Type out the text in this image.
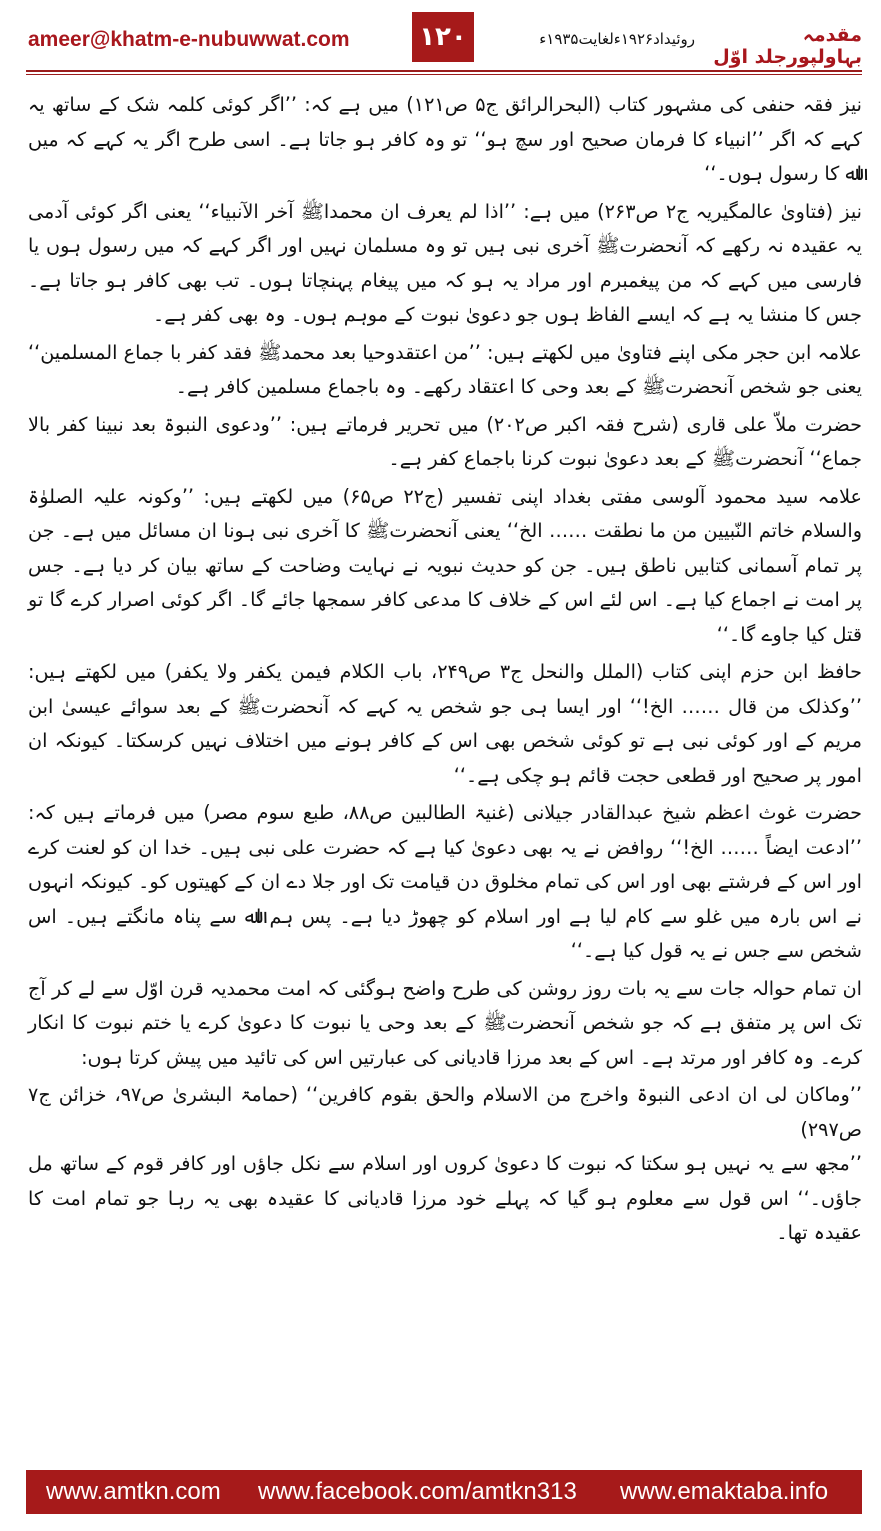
ameer@khatm-e-nubuwwat.com	۱۲۰	روئیداد۱۹۲۶ءلغایت۱۹۳۵ء	مقدمہ بہاولپورجلد اوّل

نیز فقہ حنفی کی مشہور کتاب (البحرالرائق ج۵ ص۱۲۱) میں ہے کہ: ’’اگر کوئی کلمہ شک کے ساتھ یہ کہے کہ اگر ’’انبیاء کا فرمان صحیح اور سچ ہو‘‘ تو وہ کافر ہو جاتا ہے۔ اسی طرح اگر یہ کہے کہ میں اﷲ کا رسول ہوں۔‘‘

نیز (فتاویٰ عالمگیریہ ج۲ ص۲۶۳) میں ہے: ’’اذا لم یعرف ان محمداﷺ آخر الآنبیاء‘‘ یعنی اگر کوئی آدمی یہ عقیدہ نہ رکھے کہ آنحضرتﷺ آخری نبی ہیں تو وہ مسلمان نہیں اور اگر کہے کہ میں رسول ہوں یا فارسی میں کہے کہ من پیغمبرم اور مراد یہ ہو کہ میں پیغام پہنچاتا ہوں۔ تب بھی کافر ہو جاتا ہے۔ جس کا منشا یہ ہے کہ ایسے الفاظ ہوں جو دعویٰ نبوت کے موہم ہوں۔ وہ بھی کفر ہے۔

علامہ ابن حجر مکی اپنے فتاویٰ میں لکھتے ہیں: ’’من اعتقدوحیا بعد محمدﷺ فقد کفر با جماع المسلمین‘‘ یعنی جو شخص آنحضرتﷺ کے بعد وحی کا اعتقاد رکھے۔ وہ باجماع مسلمین کافر ہے۔

حضرت ملاّ علی قاری (شرح فقہ اکبر ص۲۰۲) میں تحریر فرماتے ہیں: ’’ودعوی النبوۃ بعد نبینا کفر بالا جماع‘‘ آنحضرتﷺ کے بعد دعویٰ نبوت کرنا باجماع کفر ہے۔

علامہ سید محمود آلوسی مفتی بغداد اپنی تفسیر (ج۲۲ ص۶۵) میں لکھتے ہیں: ’’وکونہ علیہ الصلوٰۃ والسلام خاتم النّبیین من ما نطقت …… الخ‘‘ یعنی آنحضرتﷺ کا آخری نبی ہونا ان مسائل میں ہے۔ جن پر تمام آسمانی کتابیں ناطق ہیں۔ جن کو حدیث نبویہ نے نہایت وضاحت کے ساتھ بیان کر دیا ہے۔ جس پر امت نے اجماع کیا ہے۔ اس لئے اس کے خلاف کا مدعی کافر سمجھا جائے گا۔ اگر کوئی اصرار کرے گا تو قتل کیا جاوے گا۔‘‘

حافظ ابن حزم اپنی کتاب (الملل والنحل ج۳ ص۲۴۹، باب الکلام فیمن یکفر ولا یکفر) میں لکھتے ہیں: ’’وکذلک من قال …… الخ!‘‘ اور ایسا ہی جو شخص یہ کہے کہ آنحضرتﷺ کے بعد سوائے عیسیٰ ابن مریم کے اور کوئی نبی ہے تو کوئی شخص بھی اس کے کافر ہونے میں اختلاف نہیں کرسکتا۔ کیونکہ ان امور پر صحیح اور قطعی حجت قائم ہو چکی ہے۔‘‘

حضرت غوث اعظم شیخ عبدالقادر جیلانی (غنیۃ الطالبین ص۸۸، طبع سوم مصر) میں فرماتے ہیں کہ: ’’ادعت ایضاً …… الخ!‘‘ روافض نے یہ بھی دعویٰ کیا ہے کہ حضرت علی نبی ہیں۔ خدا ان کو لعنت کرے اور اس کے فرشتے بھی اور اس کی تمام مخلوق دن قیامت تک اور جلا دے ان کے کھیتوں کو۔ کیونکہ انہوں نے اس بارہ میں غلو سے کام لیا ہے اور اسلام کو چھوڑ دیا ہے۔ پس ہم اﷲ سے پناہ مانگتے ہیں۔ اس شخص سے جس نے یہ قول کیا ہے۔‘‘

ان تمام حوالہ جات سے یہ بات روز روشن کی طرح واضح ہوگئی کہ امت محمدیہ قرن اوّل سے لے کر آج تک اس پر متفق ہے کہ جو شخص آنحضرتﷺ کے بعد وحی یا نبوت کا دعویٰ کرے یا ختم نبوت کا انکار کرے۔ وہ کافر اور مرتد ہے۔ اس کے بعد مرزا قادیانی کی عبارتیں اس کی تائید میں پیش کرتا ہوں:

’’وماکان لی ان ادعی النبوۃ واخرج من الاسلام والحق بقوم کافرین‘‘ (حمامۃ البشریٰ ص۹۷، خزائن ج۷ ص۲۹۷)

’’مجھ سے یہ نہیں ہو سکتا کہ نبوت کا دعویٰ کروں اور اسلام سے نکل جاؤں اور کافر قوم کے ساتھ مل جاؤں۔‘‘ اس قول سے معلوم ہو گیا کہ پہلے خود مرزا قادیانی کا عقیدہ بھی یہ رہا جو تمام امت کا عقیدہ تھا۔

www.amtkn.com www.facebook.com/amtkn313 www.emaktaba.info
